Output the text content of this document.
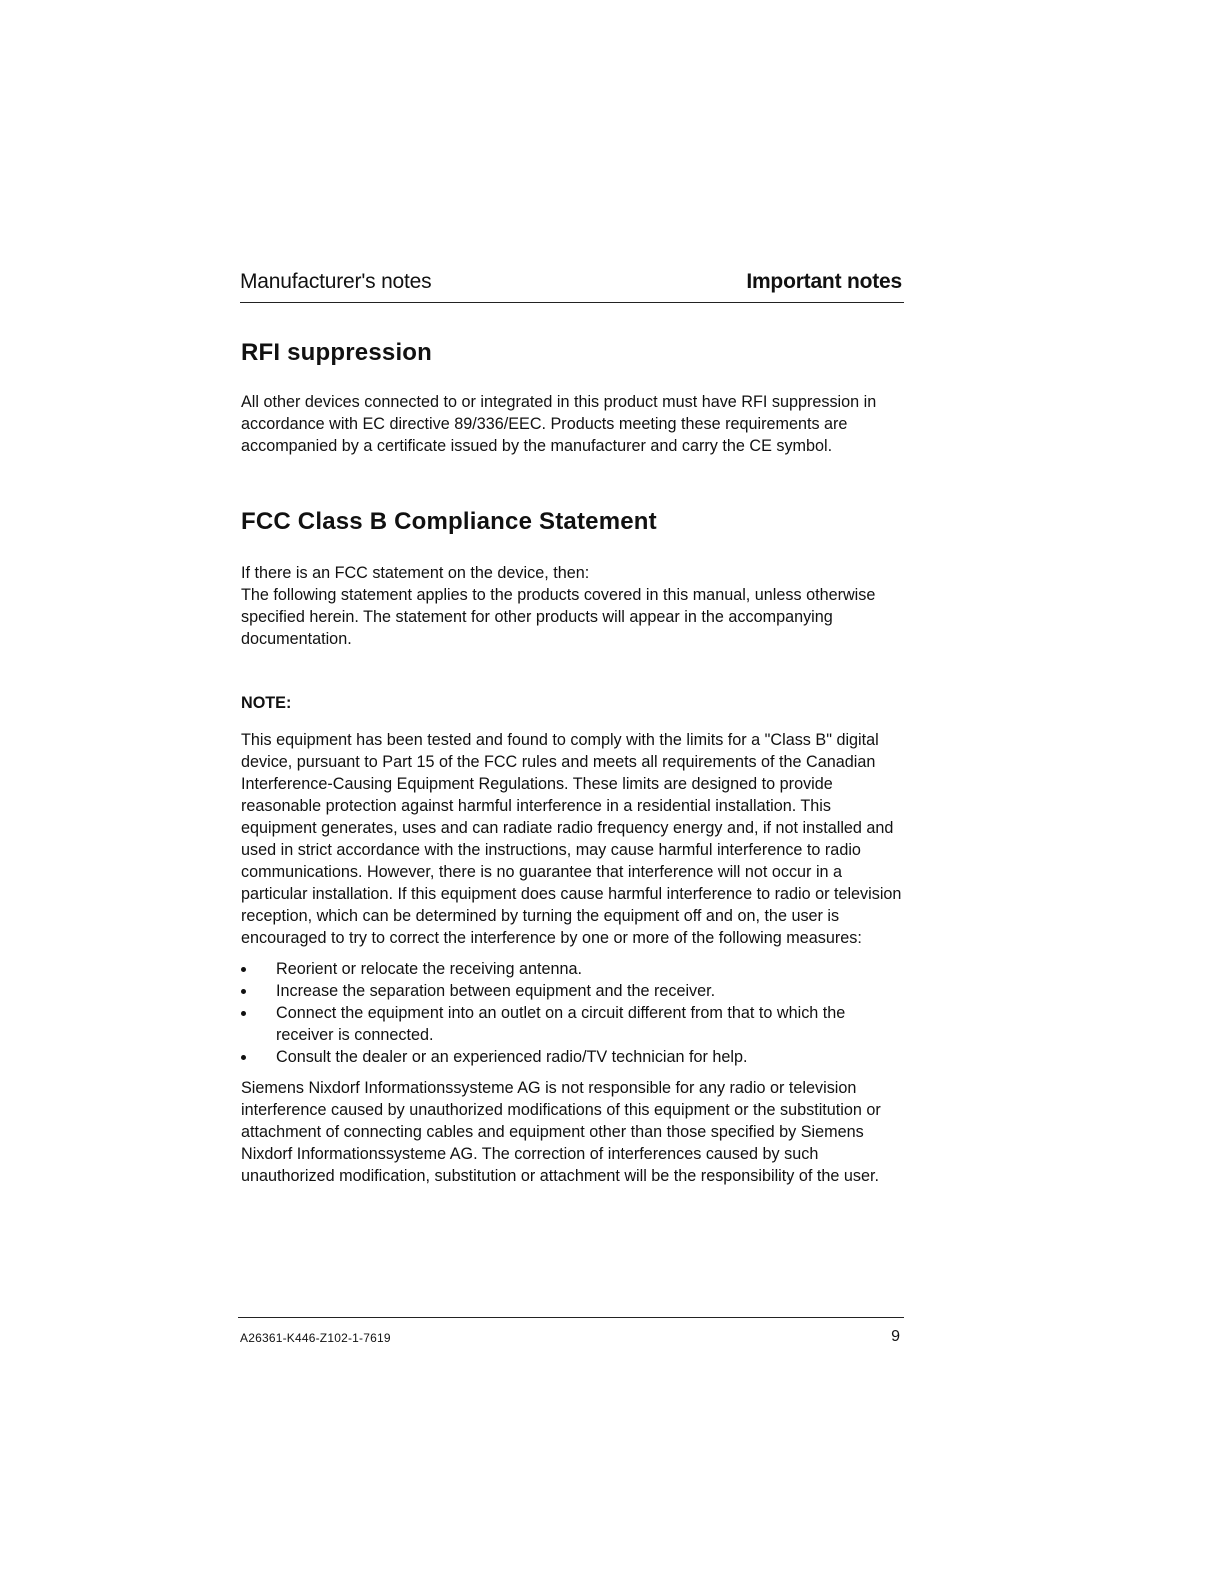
Manufacturer's notes	Important notes
RFI suppression

All other devices connected to or integrated in this product must have RFI suppression in accordance with EC directive 89/336/EEC. Products meeting these requirements are accompanied by a certificate issued by the manufacturer and carry the CE symbol.

FCC Class B Compliance Statement

If there is an FCC statement on the device, then:

The following statement applies to the products covered in this manual, unless otherwise specified herein. The statement for other products will appear in the accompanying documentation.

NOTE:

This equipment has been tested and found to comply with the limits for a "Class B" digital device, pursuant to Part 15 of the FCC rules and meets all requirements of the Canadian Interference-Causing Equipment Regulations. These limits are designed to provide reasonable protection against harmful interference in a residential installation. This equipment generates, uses and can radiate radio frequency energy and, if not installed and used in strict accordance with the instructions, may cause harmful interference to radio communications. However, there is no guarantee that interference will not occur in a particular installation. If this equipment does cause harmful interference to radio or television reception, which can be determined by turning the equipment off and on, the user is encouraged to try to correct the interference by one or more of the following measures:

Reorient or relocate the receiving antenna.
Increase the separation between equipment and the receiver.
Connect the equipment into an outlet on a circuit different from that to which the receiver is connected.
Consult the dealer or an experienced radio/TV technician for help.

Siemens Nixdorf Informationssysteme AG is not responsible for any radio or television interference caused by unauthorized modifications of this equipment or the substitution or attachment of connecting cables and equipment other than those specified by Siemens Nixdorf Informationssysteme AG. The correction of interferences caused by such unauthorized modification, substitution or attachment will be the responsibility of the user.

A26361-K446-Z102-1-7619	9
